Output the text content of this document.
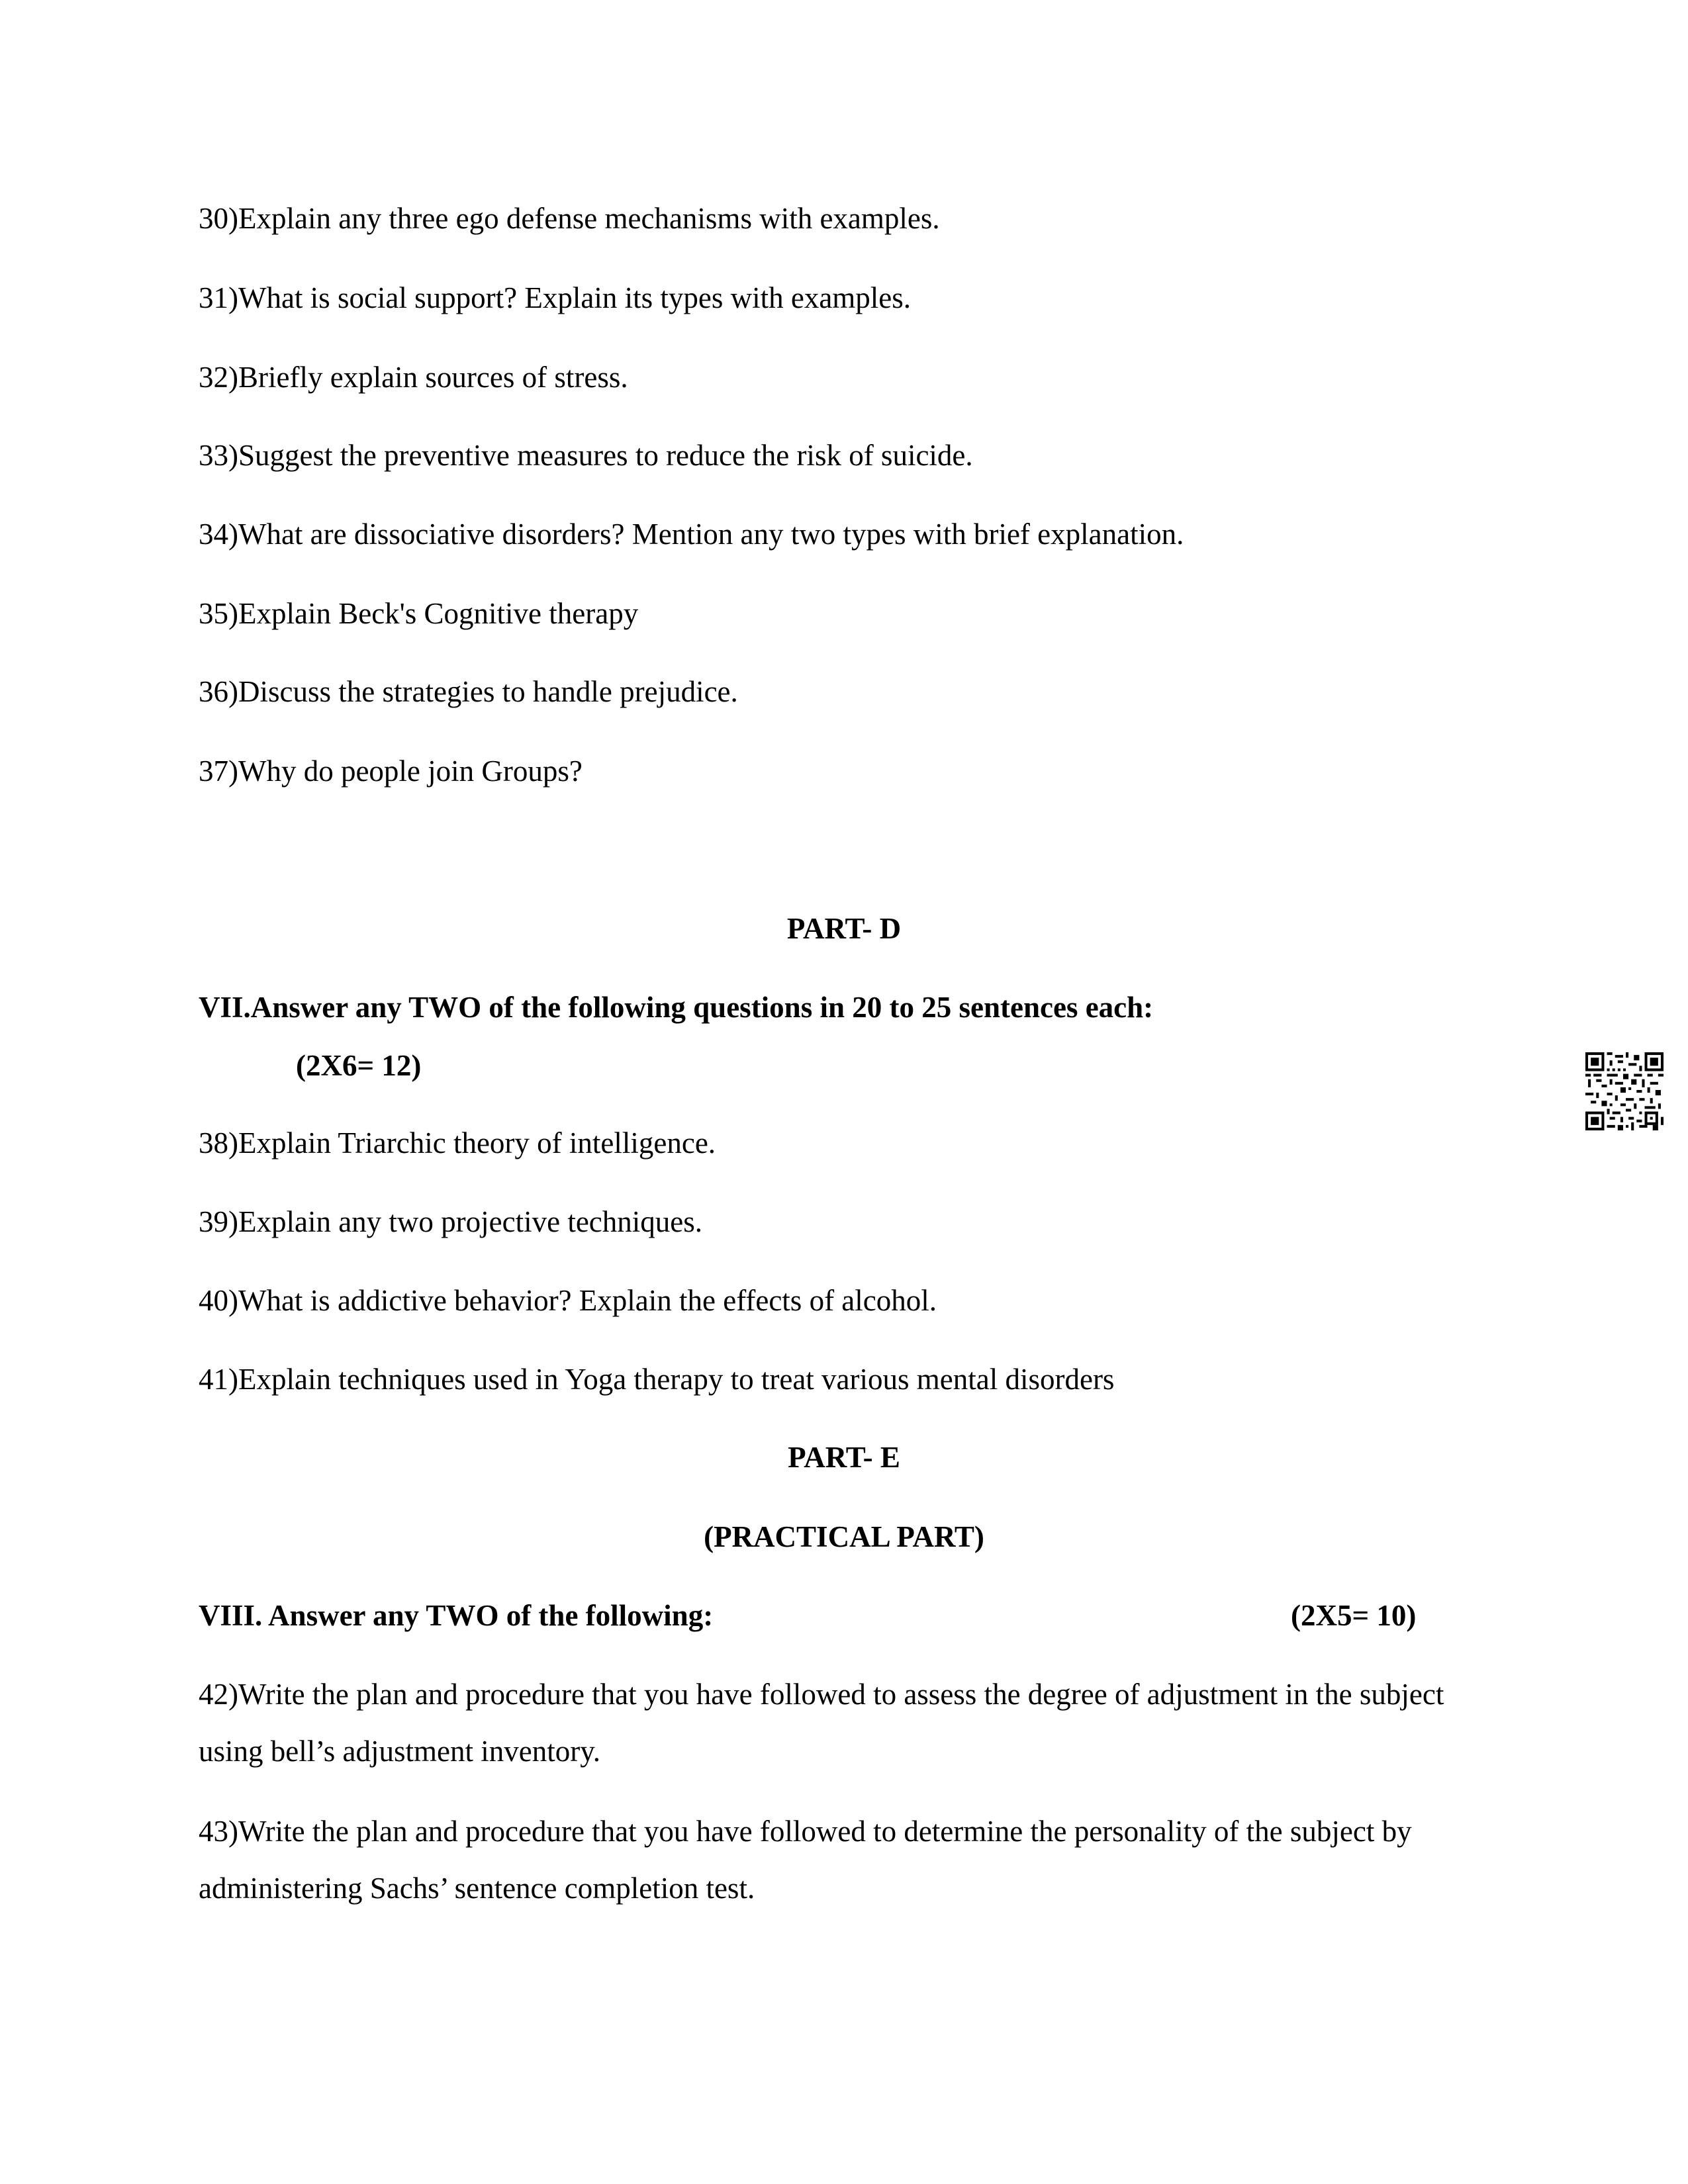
30)Explain any three ego defense mechanisms with examples.
31)What is social support? Explain its types with examples.
32)Briefly explain sources of stress.
33)Suggest the preventive measures to reduce the risk of suicide.
34)What are dissociative disorders? Mention any two types with brief explanation.
35)Explain Beck's Cognitive therapy
36)Discuss the strategies to handle prejudice.
37)Why do people join Groups?
PART- D
VII.Answer any TWO of the following questions in 20 to 25 sentences each:
(2X6= 12)
38)Explain Triarchic theory of intelligence.
39)Explain any two projective techniques.
40)What is addictive behavior? Explain the effects of alcohol.
41)Explain techniques used in Yoga therapy to treat various mental disorders
PART- E
(PRACTICAL PART)
VIII. Answer any TWO of the following:	(2X5= 10)
42)Write the plan and procedure that you have followed to assess the degree of adjustment in the subject using bell’s adjustment inventory.
43)Write the plan and procedure that you have followed to determine the personality of the subject by administering Sachs’ sentence completion test.
